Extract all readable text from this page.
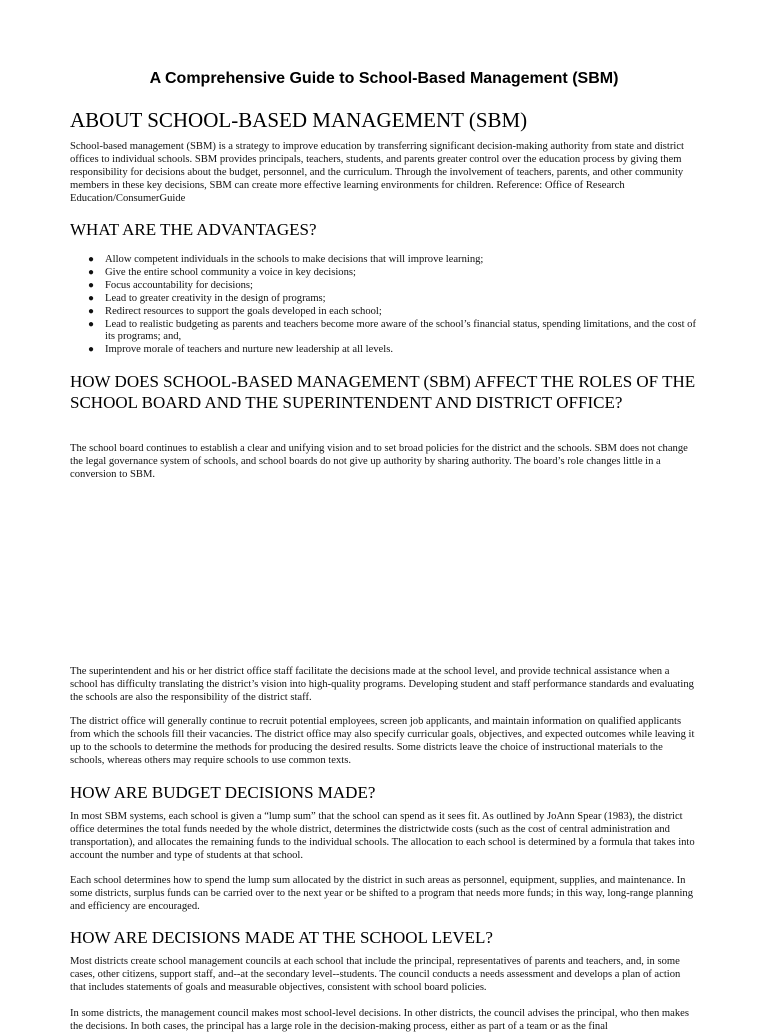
A Comprehensive Guide to School-Based Management (SBM)
ABOUT SCHOOL-BASED MANAGEMENT (SBM)

School-based management (SBM) is a strategy to improve education by transferring significant decision-making authority from state and district offices to individual schools. SBM provides principals, teachers, students, and parents greater control over the education process by giving them responsibility for decisions about the budget, personnel, and the curriculum. Through the involvement of teachers, parents, and other community members in these key decisions, SBM can create more effective learning environments for children. Reference: Office of Research Education/ConsumerGuide

WHAT ARE THE ADVANTAGES?
● Allow competent individuals in the schools to make decisions that will improve learning;
● Give the entire school community a voice in key decisions;
● Focus accountability for decisions;
● Lead to greater creativity in the design of programs;
● Redirect resources to support the goals developed in each school;
● Lead to realistic budgeting as parents and teachers become more aware of the school’s financial status, spending limitations, and the cost of its programs; and,
● Improve morale of teachers and nurture new leadership at all levels.
HOW DOES SCHOOL-BASED MANAGEMENT (SBM) AFFECT THE ROLES OF THE SCHOOL BOARD AND THE SUPERINTENDENT AND DISTRICT OFFICE?

The school board continues to establish a clear and unifying vision and to set broad policies for the district and the schools. SBM does not change the legal governance system of schools, and school boards do not give up authority by sharing authority. The board’s role changes little in a conversion to SBM.

The superintendent and his or her district office staff facilitate the decisions made at the school level, and provide technical assistance when a school has difficulty translating the district’s vision into high-quality programs. Developing student and staff performance standards and evaluating the schools are also the responsibility of the district staff.

The district office will generally continue to recruit potential employees, screen job applicants, and maintain information on qualified applicants from which the schools fill their vacancies. The district office may also specify curricular goals, objectives, and expected outcomes while leaving it up to the schools to determine the methods for producing the desired results. Some districts leave the choice of instructional materials to the schools, whereas others may require schools to use common texts.

HOW ARE BUDGET DECISIONS MADE?

In most SBM systems, each school is given a “lump sum” that the school can spend as it sees fit. As outlined by JoAnn Spear (1983), the district office determines the total funds needed by the whole district, determines the districtwide costs (such as the cost of central administration and transportation), and allocates the remaining funds to the individual schools. The allocation to each school is determined by a formula that takes into account the number and type of students at that school.

Each school determines how to spend the lump sum allocated by the district in such areas as personnel, equipment, supplies, and maintenance. In some districts, surplus funds can be carried over to the next year or be shifted to a program that needs more funds; in this way, long-range planning and efficiency are encouraged.

HOW ARE DECISIONS MADE AT THE SCHOOL LEVEL?

Most districts create school management councils at each school that include the principal, representatives of parents and teachers, and, in some cases, other citizens, support staff, and--at the secondary level--students. The council conducts a needs assessment and develops a plan of action that includes statements of goals and measurable objectives, consistent with school board policies.

In some districts, the management council makes most school-level decisions. In other districts, the council advises the principal, who then makes the decisions. In both cases, the principal has a large role in the decision-making process, either as part of a team or as the final
